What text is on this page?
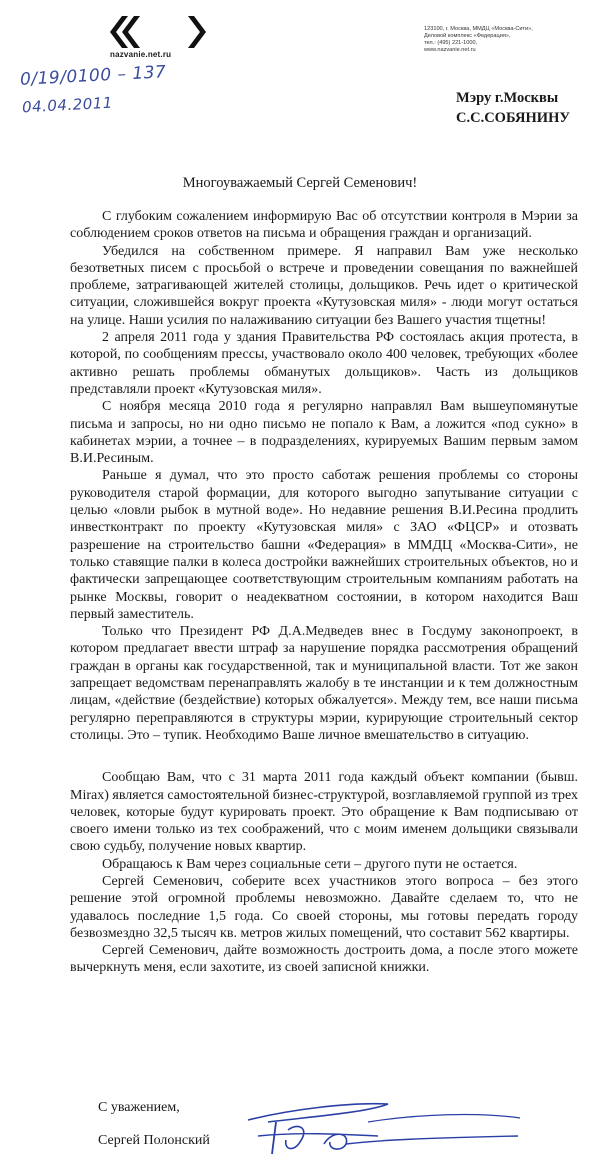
nazvanie.net.ru
123100, г. Москва, ММДЦ «Москва-Сити»,
Деловой комплекс «Федерация»,
тел.: (495) 221-1000,
www.nazvanie.net.ru
0/19/0100 – 137
04.04.2011	Мэру г.Москвы
С.С.СОБЯНИНУ
Многоуважаемый Сергей Семенович!

С глубоким сожалением информирую Вас об отсутствии контроля в Мэрии за соблюдением сроков ответов на письма и обращения граждан и организаций.

Убедился на собственном примере. Я направил Вам уже несколько безответных писем с просьбой о встрече и проведении совещания по важнейшей проблеме, затрагивающей жителей столицы, дольщиков. Речь идет о критической ситуации, сложившейся вокруг проекта «Кутузовская миля» - люди могут остаться на улице. Наши усилия по налаживанию ситуации без Вашего участия тщетны!

2 апреля 2011 года у здания Правительства РФ состоялась акция протеста, в которой, по сообщениям прессы, участвовало около 400 человек, требующих «более активно решать проблемы обманутых дольщиков». Часть из дольщиков представляли проект «Кутузовская миля».

С ноября месяца 2010 года я регулярно направлял Вам вышеупомянутые письма и запросы, но ни одно письмо не попало к Вам, а ложится «под сукно» в кабинетах мэрии, а точнее – в подразделениях, курируемых Вашим первым замом В.И.Ресиным.

Раньше я думал, что это просто саботаж решения проблемы со стороны руководителя старой формации, для которого выгодно запутывание ситуации с целью «ловли рыбок в мутной воде». Но недавние решения В.И.Ресина продлить инвестконтракт по проекту «Кутузовская миля» с ЗАО «ФЦСР» и отозвать разрешение на строительство башни «Федерация» в ММДЦ «Москва-Сити», не только ставящие палки в колеса достройки важнейших строительных объектов, но и фактически запрещающее соответствующим строительным компаниям работать на рынке Москвы, говорит о неадекватном состоянии, в котором находится Ваш первый заместитель.

Только что Президент РФ Д.А.Медведев внес в Госдуму законопроект, в котором предлагает ввести штраф за нарушение порядка рассмотрения обращений граждан в органы как государственной, так и муниципальной власти. Тот же закон запрещает ведомствам перенаправлять жалобу в те инстанции и к тем должностным лицам, «действие (бездействие) которых обжалуется». Между тем, все наши письма регулярно переправляются в структуры мэрии, курирующие строительный сектор столицы. Это – тупик. Необходимо Ваше личное вмешательство в ситуацию.

Сообщаю Вам, что с 31 марта 2011 года каждый объект компании (бывш. Mirax) является самостоятельной бизнес-структурой, возглавляемой группой из трех человек, которые будут курировать проект. Это обращение к Вам подписываю от своего имени только из тех соображений, что с моим именем дольщики связывали свою судьбу, получение новых квартир.

Обращаюсь к Вам через социальные сети – другого пути не остается.

Сергей Семенович, соберите всех участников этого вопроса – без этого решение этой огромной проблемы невозможно. Давайте сделаем то, что не удавалось последние 1,5 года. Со своей стороны, мы готовы передать городу безвозмездно 32,5 тысяч кв. метров жилых помещений, что составит 562 квартиры.

Сергей Семенович, дайте возможность достроить дома, а после этого можете вычеркнуть меня, если захотите, из своей записной книжки.

С уважением,
Сергей Полонский
